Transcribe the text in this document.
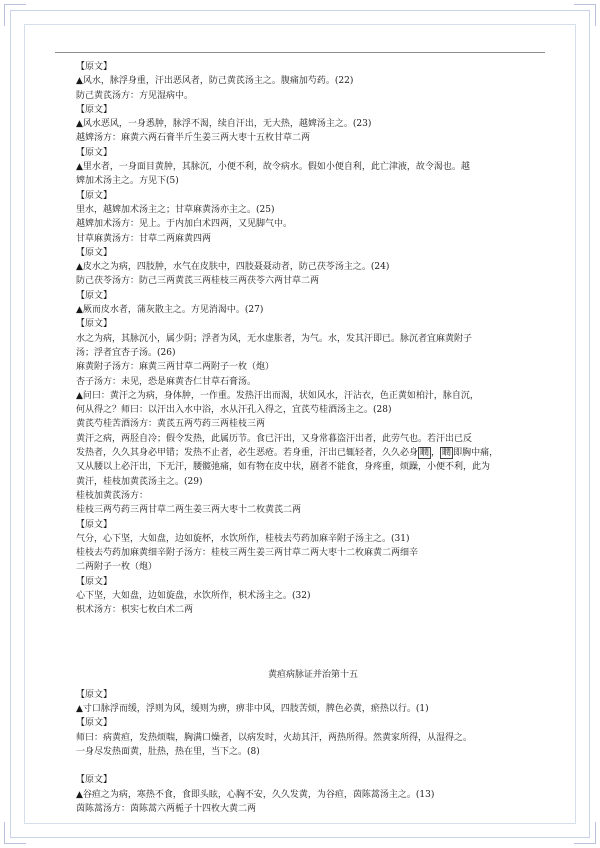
【原文】

▲风水，脉浮身重，汗出恶风者，防己黄芪汤主之。腹痛加芍药。(22)

防己黄芪汤方：方见湿病中。

【原文】

▲风水恶风，一身悉肿，脉浮不渴，续自汗出，无大热，越婢汤主之。(23)

越婢汤方：麻黄六两石膏半斤生姜三两大枣十五枚甘草二两

【原文】

▲里水者，一身面目黄肿，其脉沉，小便不利，故令病水。假如小便自利，此亡津液，故令渴也。越

婢加术汤主之。方见下(5)

【原文】

里水，越婢加术汤主之；甘草麻黄汤亦主之。(25)

越婢加术汤方：见上。于内加白术四两，又见脚气中。

甘草麻黄汤方：甘草二两麻黄四两

【原文】

▲皮水之为病，四肢肿，水气在皮肤中，四肢聂聂动者，防己茯苓汤主之。(24)

防己茯苓汤方：防己三两黄芪三两桂枝三两茯苓六两甘草二两

【原文】

▲厥而皮水者，蒲灰散主之。方见消渴中。(27)

【原文】

水之为病，其脉沉小，属少阴；浮者为风，无水虚胀者，为气。水，发其汗即已。脉沉者宜麻黄附子

汤；浮者宜杏子汤。(26)

麻黄附子汤方：麻黄三两甘草二两附子一枚（炮）

杏子汤方：未见，恐是麻黄杏仁甘草石膏汤。

▲问曰：黄汗之为病，身体肿，一作重。发热汗出而渴，状如风水，汗沾衣，色正黄如柏汁，脉自沉，

何从得之？师曰：以汗出入水中浴，水从汗孔入得之，宜芪芍桂酒汤主之。(28)

黄芪芍桂苦酒汤方：黄芪五两芍药三两桂枝三两

黄汗之病，两胫自冷；假令发热，此属历节。食已汗出，又身常暮盗汗出者，此劳气也。若汗出已反

发热者，久久其身必甲错；发热不止者，必生恶疮。若身重，汗出已辄轻者，久久必身 瞤 ， 瞤 即胸中痛，

又从腰以上必汗出，下无汗，腰髋弛痛，如有物在皮中状，剧者不能食，身疼重，烦躁，小便不利，此为

黄汗，桂枝加黄芪汤主之。(29)

桂枝加黄芪汤方：

桂枝三两芍药三两甘草二两生姜三两大枣十二枚黄芪二两

【原文】

气分，心下坚，大如盘，边如旋杯，水饮所作，桂枝去芍药加麻辛附子汤主之。(31)

桂枝去芍药加麻黄细辛附子汤方：桂枝三两生姜三两甘草二两大枣十二枚麻黄二两细辛

二两附子一枚（炮）

【原文】

心下坚，大如盘，边如旋盘，水饮所作，枳术汤主之。(32)

枳术汤方：枳实七枚白术二两

黄疸病脉证并治第十五

【原文】

▲寸口脉浮而缓，浮则为风，缓则为痹，痹非中风，四肢苦烦，脾色必黄，瘀热以行。(1)

【原文】

师曰：病黄疸，发热烦喘，胸满口燥者，以病发时，火劫其汗，两热所得。然黄家所得，从湿得之。

一身尽发热面黄，肚热，热在里，当下之。(8)

【原文】

▲谷疸之为病，寒热不食，食即头眩，心胸不安，久久发黄，为谷疸，茵陈蒿汤主之。(13)

茵陈蒿汤方：茵陈蒿六两栀子十四枚大黄二两
